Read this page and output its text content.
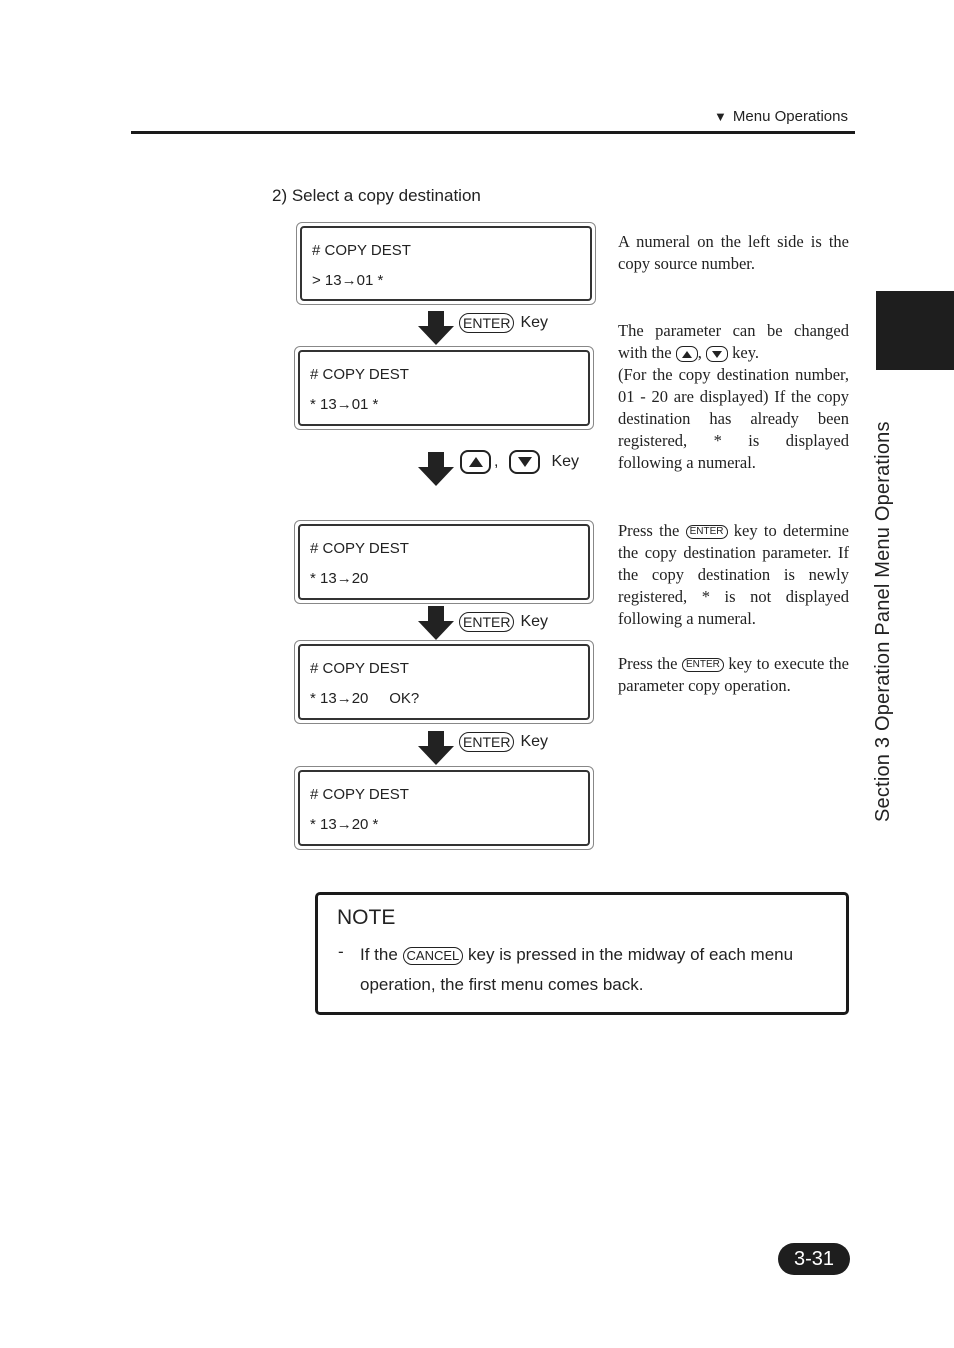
▼ Menu Operations
Section 3 Operation Panel Menu Operations
2) Select a copy destination
# COPY DEST
> 13→01 *
ENTER Key
# COPY DEST
* 13→01 *
,	Key
# COPY DEST
* 13→20
ENTER Key
# COPY DEST
* 13→20     OK?
ENTER Key
# COPY DEST
* 13→20 *

A numeral on the left side is the copy source number.

The parameter can be changed with the ,
key.

(For the copy destination number, 01 - 20 are displayed) If the copy destination has already been registered, * is displayed following a numeral.

Press the ENTER key to determine the copy destination parameter. If the copy destination is newly registered, * is not displayed following a numeral.

Press the ENTER key to execute the parameter copy operation.

NOTE
- If the CANCEL key is pressed in the midway of each menu operation, the first menu comes back.
3-31
